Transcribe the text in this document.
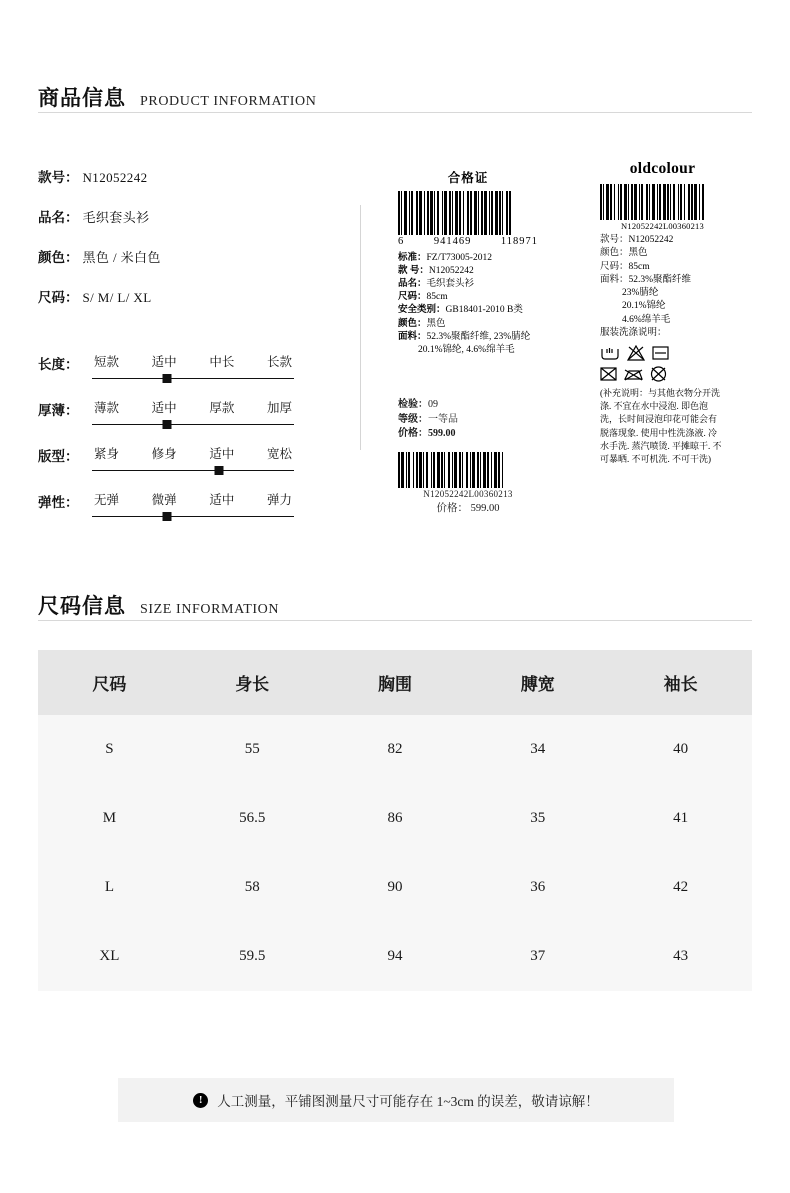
商品信息 PRODUCT INFORMATION
款号： N12052242
品名： 毛织套头衫
颜色： 黑色 / 米白色
尺码： S/ M/ L/ XL
长度：	短款	适中	中长	长款
厚薄：	薄款	适中	厚款	加厚
版型：	紧身	修身	适中	宽松
弹性：	无弹	微弹	适中	弹力
合格证
6	941469	118971
标准：FZ/T73005-2012
款 号：N12052242
品名：毛织套头衫
尺码：85cm
安全类别：GB18401-2010 B类
颜色：黑色
面料：52.3%聚酯纤维, 23%腈纶
20.1%锦纶, 4.6%绵羊毛
检验：09
等级：一等品
价格：599.00
N12052242L00360213
价格： 599.00
oldcolour
N12052242L00360213
款号：N12052242
颜色：黑色
尺码：85cm
面料：52.3%聚酯纤维
23%腈纶
20.1%锦纶
4.6%绵羊毛
服装洗涤说明：
(补充说明：与其他衣物分开洗涤. 不宜在水中浸泡. 即色泡洗，长时间浸泡印花可能会有脱落现象. 使用中性洗涤液. 冷水手洗. 蒸汽喷烫. 平摊晾干. 不可暴晒. 不可机洗. 不可干洗)
尺码信息 SIZE INFORMATION
尺码	身长	胸围	膊宽	袖长
S	55	82	34	40
M	56.5	86	35	41
L	58	90	36	42
XL	59.5	94	37	43
!	人工测量，平铺图测量尺寸可能存在 1~3cm 的误差，敬请谅解！
